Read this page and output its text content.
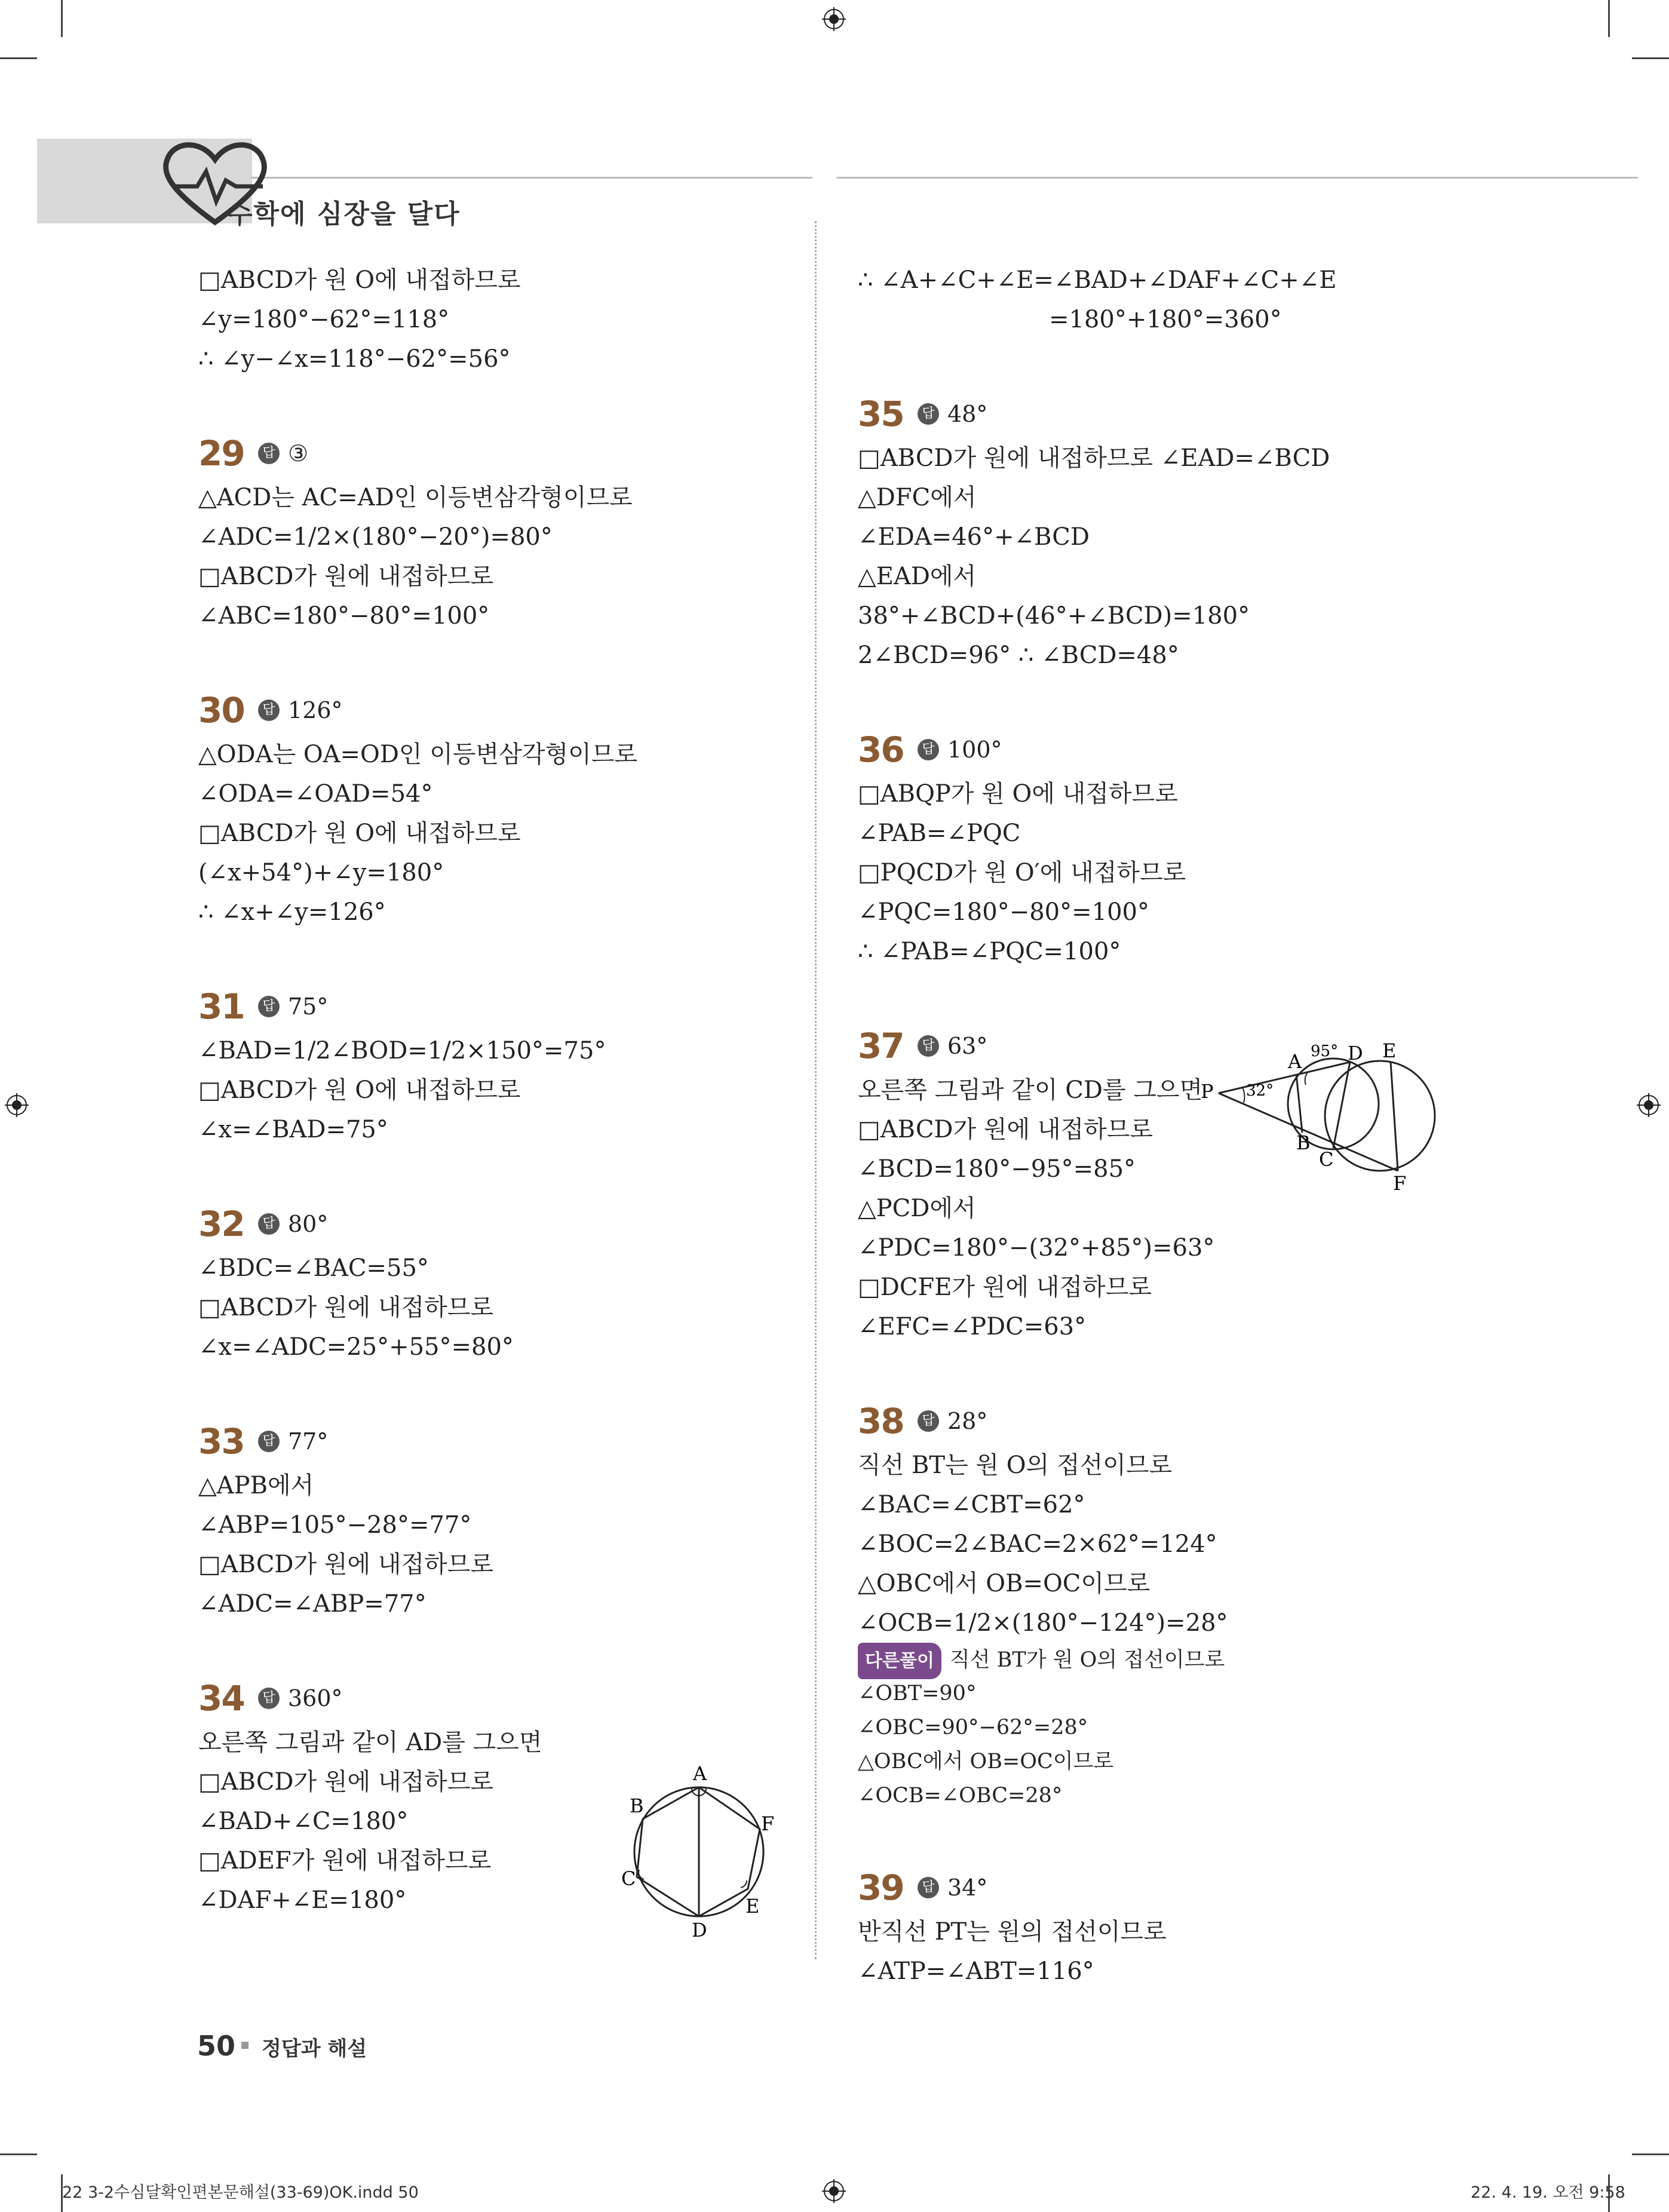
수학에 심장을 달다
□ABCD가 원 O에 내접하므로
∠y=180°−62°=118°
∴ ∠y−∠x=118°−62°=56°
29	답 ③
△ACD는 AC=AD인 이등변삼각형이므로
∠ADC=1/2×(180°−20°)=80°
□ABCD가 원에 내접하므로
∠ABC=180°−80°=100°
30	답 126°
△ODA는 OA=OD인 이등변삼각형이므로
∠ODA=∠OAD=54°
□ABCD가 원 O에 내접하므로
(∠x+54°)+∠y=180°
∴ ∠x+∠y=126°
31	답 75°
∠BAD=1/2∠BOD=1/2×150°=75°
□ABCD가 원 O에 내접하므로
∠x=∠BAD=75°
32	답 80°
∠BDC=∠BAC=55°
□ABCD가 원에 내접하므로
∠x=∠ADC=25°+55°=80°
33	답 77°
△APB에서
∠ABP=105°−28°=77°
□ABCD가 원에 내접하므로
∠ADC=∠ABP=77°
34	답 360°
오른쪽 그림과 같이 AD를 그으면
□ABCD가 원에 내접하므로
∠BAD+∠C=180°
□ADEF가 원에 내접하므로
∠DAF+∠E=180°
∴ ∠A+∠C+∠E=∠BAD+∠DAF+∠C+∠E
=180°+180°=360°
35	답 48°
□ABCD가 원에 내접하므로 ∠EAD=∠BCD
△DFC에서
∠EDA=46°+∠BCD
△EAD에서
38°+∠BCD+(46°+∠BCD)=180°
2∠BCD=96° ∴ ∠BCD=48°
36	답 100°
□ABQP가 원 O에 내접하므로
∠PAB=∠PQC
□PQCD가 원 O′에 내접하므로
∠PQC=180°−80°=100°
∴ ∠PAB=∠PQC=100°
37	답 63°
오른쪽 그림과 같이 CD를 그으면
□ABCD가 원에 내접하므로
∠BCD=180°−95°=85°
△PCD에서
∠PDC=180°−(32°+85°)=63°
□DCFE가 원에 내접하므로
∠EFC=∠PDC=63°
38	답 28°
직선 BT는 원 O의 접선이므로
∠BAC=∠CBT=62°
∠BOC=2∠BAC=2×62°=124°
△OBC에서 OB=OC이므로
∠OCB=1/2×(180°−124°)=28°
다른풀이 직선 BT가 원 O의 접선이므로
∠OBT=90°
∠OBC=90°−62°=28°
△OBC에서 OB=OC이므로
∠OCB=∠OBC=28°
39	답 34°
반직선 PT는 원의 접선이므로
∠ATP=∠ABT=116°
A
B
C
D
E
F
P 32°
A 95° D E
B
C
F
50 정답과 해설
22 3-2수심달확인편본문해설(33-69)OK.indd 50	22. 4. 19. 오전 9:58
